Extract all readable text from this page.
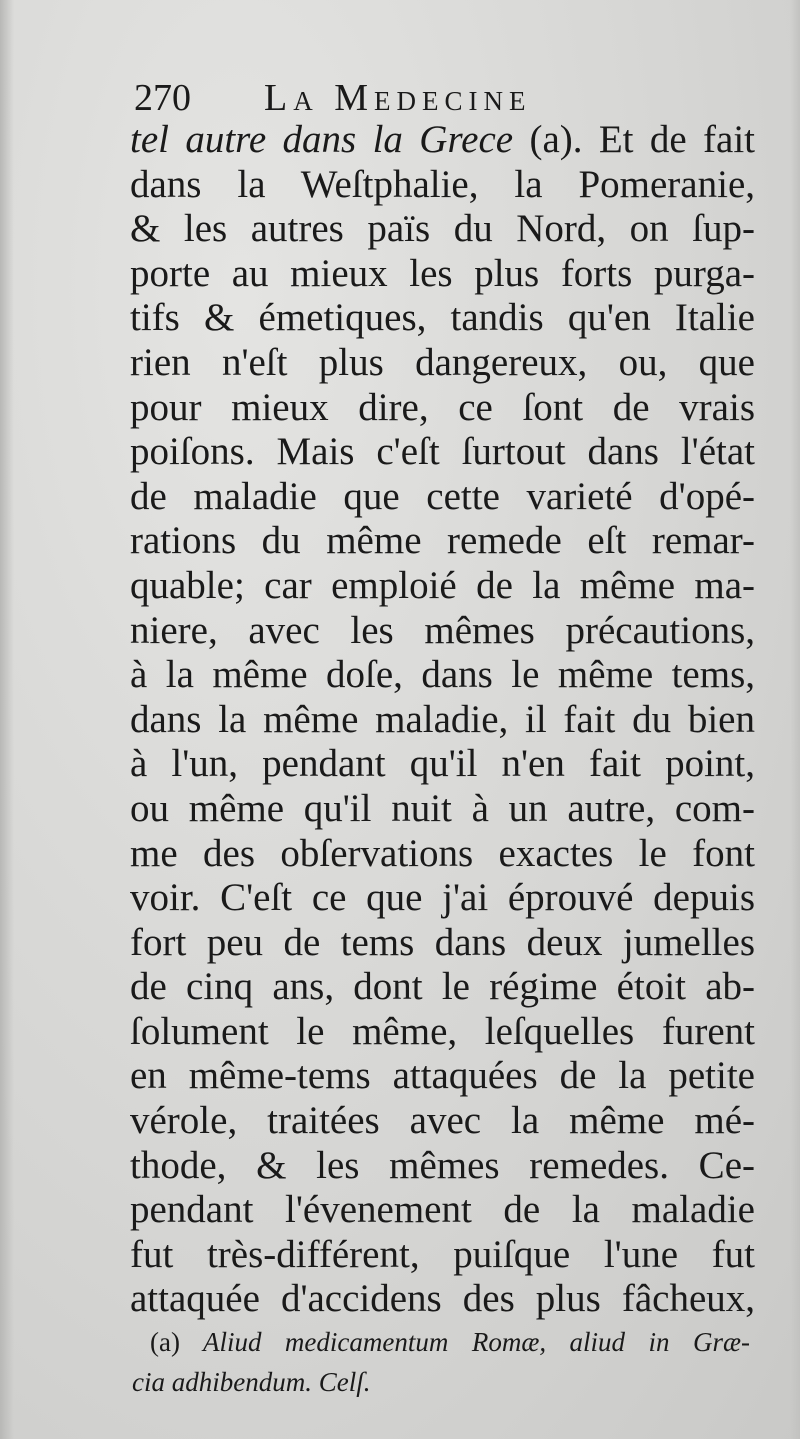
270 La Medecine
tel autre dans la Grece (a). Et de fait
dans la Weſtphalie, la Pomeranie,
& les autres païs du Nord, on ſup-
porte au mieux les plus forts purga-
tifs & émetiques, tandis qu'en Italie
rien n'eſt plus dangereux, ou, que
pour mieux dire, ce ſont de vrais
poiſons. Mais c'eſt ſurtout dans l'état
de maladie que cette varieté d'opé-
rations du même remede eſt remar-
quable; car emploié de la même ma-
niere, avec les mêmes précautions,
à la même doſe, dans le même tems,
dans la même maladie, il fait du bien
à l'un, pendant qu'il n'en fait point,
ou même qu'il nuit à un autre, com-
me des obſervations exactes le font
voir. C'eſt ce que j'ai éprouvé depuis
fort peu de tems dans deux jumelles
de cinq ans, dont le régime étoit ab-
ſolument le même, leſquelles furent
en même-tems attaquées de la petite
vérole, traitées avec la même mé-
thode, & les mêmes remedes. Ce-
pendant l'évenement de la maladie
fut très-différent, puiſque l'une fut
attaquée d'accidens des plus fâcheux,
(a) Aliud medicamentum Romæ, aliud in Græ-
cia adhibendum. Celſ.
